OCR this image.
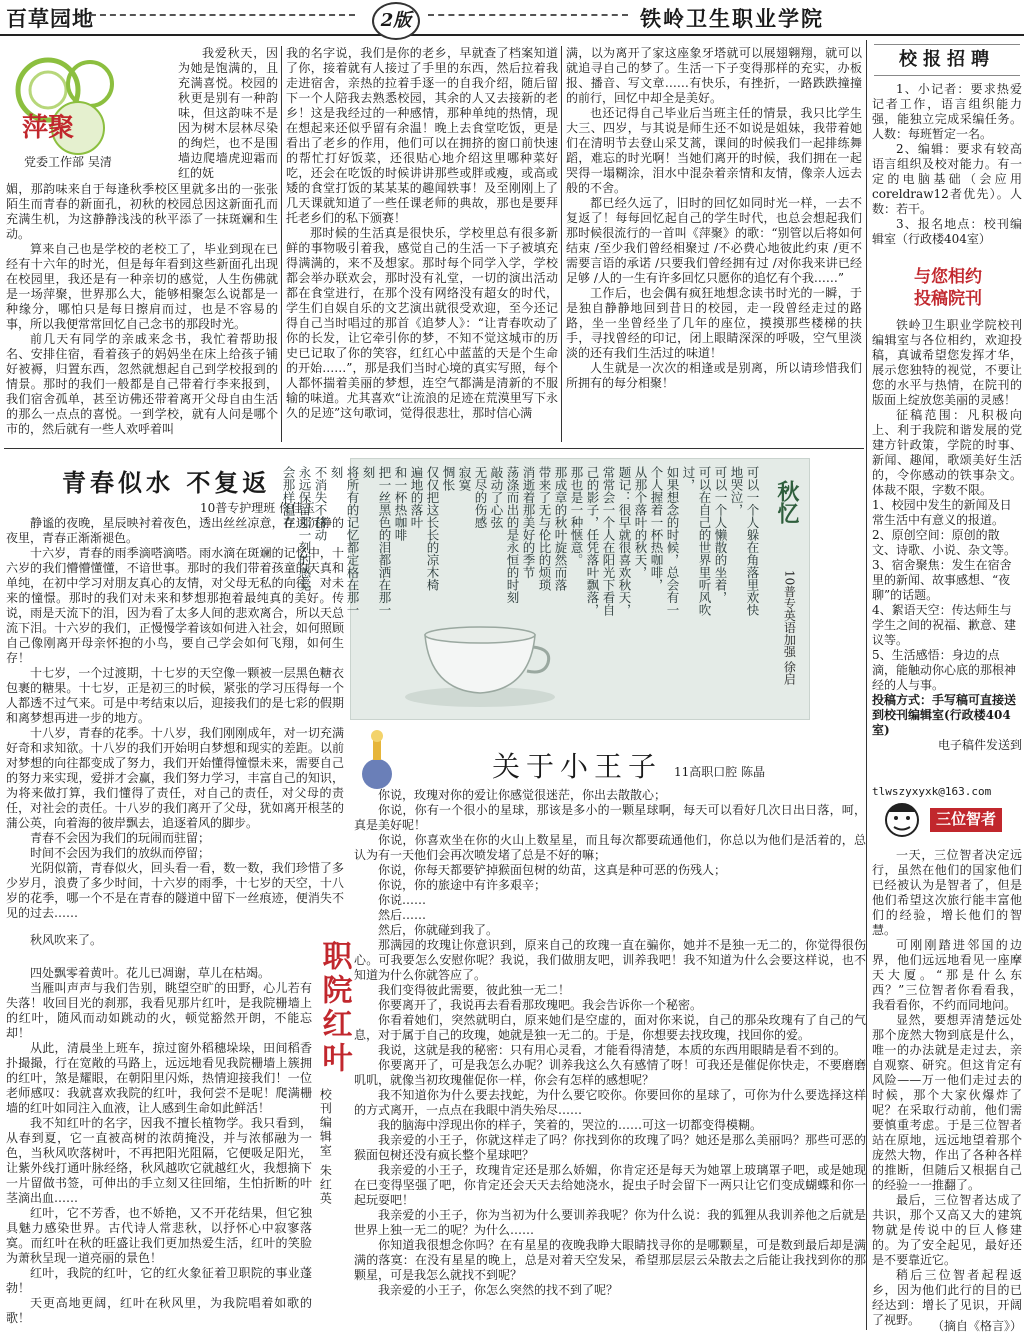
百草园地	2版	铁岭卫生职业学院
萍聚
党委工作部 吴清

我爱秋天，因为她是饱满的，且充满喜悦。校园的秋更是别有一种韵味，但这韵味不是因为树木层林尽染的绚烂，也不是围墙边爬墙虎迎霜而红的妩

媚，那韵味来自于每逢秋季校区里就多出的一张张陌生而青春的新面孔，初秋的校园总因这新面孔而充满生机，为这静静浅浅的秋平添了一抹斑斓和生动。

算来自己也是学校的老校工了，毕业到现在已经有十六年的时光，但是每年看到这些新面孔出现在校园里，我还是有一种亲切的感觉，人生伤佛就是一场萍聚，世界那么大，能够相聚怎么说都是一种缘分，哪怕只是每日擦肩而过，也是不容易的事，所以我便常常回忆自己念书的那段时光。

前几天有同学的亲戚来念书，我忙着帮助报名、安排住宿，看着孩子的妈妈坐在床上给孩子铺好被褥，归置东西，忽然就想起自己到学校报到的情景。那时的我们一般都是自己带着行李来报到，我们宿舍孤单，甚至访佛还带着离开父母自由生活的那么一点点的喜悦。一到学校，就有人问是哪个市的，然后就有一些人欢呼着叫

我的名字说，我们是你的老乡，早就查了档案知道了你，接着就有人接过了手里的东西，然后拉着我走进宿舍，亲热的拉着手逐一的自我介绍，随后留下一个人陪我去熟悉校园，其余的人又去接新的老乡！这是我经过的一种感情，那种单纯的热情，现在想起来还似乎留有余温！晚上去食堂吃饭，更是看出了老乡的作用，他们可以在拥挤的窗口前快速的帮忙打好饭菜，还很贴心地介绍这里哪种菜好吃，还会在吃饭的时候讲讲那些或胖或瘦，或高或矮的食堂打饭的某某某的趣闻轶事！及至刚刚上了几天课就知道了一些任课老师的典故，那也是要拜托老乡们的私下颁赛！

那时候的生活真是很快乐，学校里总有很多新鲜的事物吸引着我，感觉自己的生活一下子被填充得满满的，来不及想家。那时每个同学入学，学校都会举办联欢会，那时没有礼堂，一切的演出活动都在食堂进行，在那个没有网络没有超女的时代，学生们自娱自乐的文艺演出就很受欢迎，至今还记得自己当时唱过的那首《追梦人》：“让青春吹动了你的长发，让它牵引你的梦，不知不觉这城市的历史已记取了你的笑容，红红心中蓝蓝的天是个生命的开始……”，那是我们当时心境的真实写照，每个人都怀揣着美丽的梦想，连空气都满是清新的不服输的味道。尤其喜欢“让流浪的足迹在荒漠里写下永久的足迹”这句歌词，觉得很悲壮，那时信心满

满，以为离开了家这座象牙塔就可以展翅翱翔，就可以就追寻自己的梦了。生活一下子变得那样的充实，办板报、播音、写文章……有快乐，有挫折，一路跌跌撞撞的前行，回忆中却全是美好。

也还记得自己毕业后当班主任的情景，我只比学生大三、四岁，与其说是师生还不如说是姐妹，我带着她们在清明节去登山采艾蒿，课间的时候我们一起排练舞蹈，难忘的时光啊！当她们离开的时候，我们拥在一起哭得一塌糊涂，泪水中混杂着亲情和友情，像亲人远去般的不舍。

都已经久远了，旧时的回忆如同时光一样，一去不复返了！每每回忆起自己的学生时代，也总会想起我们那时候很流行的一首叫《萍聚》的歌：“别管以后将如何结束 /至少我们曾经相聚过 /不必费心地彼此约束 /更不需要言语的承诺 /只要我们曾经拥有过 /对你我来讲已经足够 /人的一生有许多回忆只愿你的追忆有个我……”

工作后，也会偶有疯狂地想念读书时光的一瞬，于是独自静静地回到昔日的校园，走一段曾经走过的路路，坐一坐曾经坐了几年的座位，摸摸那些楼梯的扶手，寻找曾经的印记，闭上眼睛深深的呼吸，空气里淡淡的还有我们生活过的味道！

人生就是一次次的相逢或是别离，所以请珍惜我们所拥有的每分相聚！

青春似水 不复返
10普专护理班 佟佳玉

静谧的夜晚，星辰映衬着夜色，透出丝丝凉意，在这沉静的夜里，青春正渐渐褪色。

十六岁，青春的雨季滴嗒滴嗒。雨水滴在斑斓的记忆中，十六岁的我们懵懵懂懂，不谙世事。那时的我们带着孩童的天真和单纯，在初中学习对朋友真心的友情，对父母无私的向往，对未来的憧憬。那时的我们对未来和梦想那抱着最纯真的美好。传说，雨是天流下的泪，因为看了太多人间的悲欢离合，所以天总流下泪。十六岁的我们，正慢慢学着该如何进入社会，如何照顾自己像刚离开母亲怀抱的小鸟，要自己学会如何飞翔，如何生存！

十七岁，一个过渡期，十七岁的天空像一颗被一层黑色糖衣包裹的糖果。十七岁，正是初三的时候，紧张的学习压得每一个人都透不过气来。可是中考结束以后，迎接我们的是七彩的假期和离梦想再进一步的地方。

十八岁，青春的花季。十八岁，我们刚刚成年，对一切充满好奇和求知欲。十八岁的我们开始明白梦想和现实的差距。以前对梦想的向往都变成了努力，我们开始懂得憧憬未来，需要自己的努力来实现，爱拼才会赢，我们努力学习，丰富自己的知识，为将来做打算，我们懂得了责任，对自己的责任，对父母的责任，对社会的责任。十八岁的我们离开了父母，犹如离开根茎的蒲公英，向着海的彼岸飘去，追逐着风的脚步。

青春不会因为我们的玩闹而驻留；

时间不会因为我们的放纵而停留；

光阴似箭，青春似火，回头看一看，数一数，我们珍惜了多少岁月，浪费了多少时间，十六岁的雨季，十七岁的天空，十八岁的花季，哪一个不是在青春的隧道中留下一丝痕迹，便消失不见的过去……

秋忆
10普专英语加强 徐启
可以一个人躲在角落里欢快地哭泣，
可以一个人懒散的坐着，
可以在自己的世界里听风吹过，
如果想念的时候，总会有一个人握着一杯热咖啡，
从那个落叶的秋天，
题记：很早就很喜欢秋天，常常会一个人在阳光下看自己的影子，任凭落叶飘落，那也是一种惬意。
那成章的秋叶旋然而落
带来了无与伦比的烦琐
消逝着那美好的季节
荡涤而出的是永恒的时刻
敲动了心弦
无尽的伤感
寂寞
惆怅
仅仅把这长长的凉木椅
遍地的落叶
和一杯热咖啡
把一丝黑色的泪都洒在那一刻
将所有的记忆都定格在那一刻
不消失不移动
永远保留那一刻的感觉
会那样温存
关于小王子 11高职口腔 陈晶

你说，玫瑰对你的爱让你感觉很迷茫，你出去散散心；

你说，你有一个很小的星球，那该是多小的一颗星球啊，每天可以看好几次日出日落，呵，真是美好呢！

你说，你喜欢坐在你的火山上数星星，而且每次都要疏通他们，你总以为他们是活着的，总认为有一天他们会再次喷发堵了总是不好的嘛；

你说，你每天都要铲掉猴面包树的幼苗，这真是种可恶的伤残人；

你说，你的旅途中有许多艰辛；

你说……

然后……

然后，你就碰到我了。

那满园的玫瑰让你意识到，原来自己的玫瑰一直在骗你，她并不是独一无二的，你觉得很伤心。可我要怎么安慰你呢？我说，我们做朋友吧，训养我吧！我不知道为什么会要这样说，也不知道为什么你就答应了。

我们变得彼此需要，彼此独一无二！

你要离开了，我说再去看看那玫瑰吧。我会告诉你一个秘密。

你看着她们，突然就明白，原来她们是空虚的，面对你来说，自己的那朵玫瑰有了自己的气息，对于属于自己的玫瑰，她就是独一无二的。于是，你想要去找玫瑰，找回你的爱。

我说，这就是我的秘密：只有用心灵看，才能看得清楚，本质的东西用眼睛是看不到的。

你要离开了，可是我怎么办呢？训养我这么久有感情了呀！可我还是催促你快走，不要磨磨叽叽，就像当初玫瑰催促你一样，你会有怎样的感想呢？

我不知道你为什么要去找蛇，为什么要它咬你。你要回你的星球了，可你为什么要选择这样的方式离开，一点点在我眼中消失殆尽……

我的脑海中浮现出你的样子，笑着的，哭泣的……可这一切都变得模糊。

我亲爱的小王子，你就这样走了吗？你找到你的玫瑰了吗？她还是那么美丽吗？那些可恶的猴面包树还没有疯长整个星球吧？

我亲爱的小王子，玫瑰肯定还是那么娇媚，你肯定还是每天为她罩上玻璃罩子吧，或是她现在已变得坚强了吧，你肯定还会天天去给她浇水，捉虫子时会留下一两只让它们变成蝴蝶和你一起玩耍吧！

我亲爱的小王子，你为当初为什么要训养我呢？你为什么说：我的狐狸从我训养他之后就是世界上独一无二的呢？为什么……

你知道我很想念你吗？在有星星的夜晚我睁大眼睛找寻你的是哪颗星，可是数到最后却是满满的落寞：在没有星星的晚上，总是对着天空发呆，希望那层层云朵散去之后能让我找到你的那颗星，可是我怎么就找不到呢？

我亲爱的小王子，你怎么突然的找不到了呢？

秋风吹来了。

四处飘零着黄叶。花儿已凋谢，草儿在枯竭。

当雁叫声声与我们告别，眺望空旷的田野，心儿若有失落！收回目光的刹那，我看见那片红叶，是我院栅墙上的红叶，随风而动如跳动的火，顿觉豁然开朗，不能忘却！

从此，清晨坐上班车，掠过窗外稻穗垛垛，田间稻香扑撮撮，行在宽敞的马路上，远远地看见我院栅墙上簇拥的红叶，煞是耀眼，在朝阳里闪烁，热情迎接我们！一位老师感叹：我就喜欢我院的红叶，我何尝不是呢！爬满栅墙的红叶如同注入血液，让人感到生命如此鲜活！

我不知红叶的名字，因我不擅长植物学。我只看到，从春到夏，它一直被高树的浓荫掩没，并与浓郁融为一色，当秋风吹落树叶，不再把阳光阻隔，它便吸足阳光，让紫外线打通叶脉经络，秋风越吹它就越红火，我想摘下一片留做书签，可伸出的手立刻又往回缩，生怕折断的叶茎滴出血……

红叶，它不芳香，也不娇艳，又不开花结果，但它独具魅力感染世界。古代诗人常悲秋，以抒怀心中寂寥落寞。而红叶在秋的旺盛让我们更加热爱生活，红叶的笑脸为萧秋呈现一道亮丽的景色！

红叶，我院的红叶，它的红火象征着卫职院的事业蓬勃！

天更高地更阔，红叶在秋风里，为我院唱着如歌的歌！

职院红叶
校刊编辑室 朱红英
校报招聘

1、小记者：要求热爱记者工作，语言组织能力强，能独立完成采编任务。人数：每班暂定一名。

2、编辑：要求有较高语言组织及校对能力。有一定的电脑基础（会应用coreldraw12者优先）。人数：若干。

3、报名地点：校刊编辑室（行政楼404室）

与您相约
投稿院刊

铁岭卫生职业学院校刊编辑室与各位相约，欢迎投稿，真诚希望您发挥才华，展示您独特的视觉，不要让您的水平与热情，在院刊的版面上绽放您美丽的灵感！

征稿范围：凡积极向上、利于我院和谐发展的党建方针政策，学院的时事、新闻、趣闻，歌颂美好生活的，令你感动的铁事杂文。体裁不限，字数不限。

1、校园中发生的新闻及日常生活中有意义的报道。

2、原创空间：原创的散文、诗歌、小说、杂文等。

3、宿舍聚焦：发生在宿舍里的新闻、故事感想、“夜聊”的话题。

4、絮语天空：传达师生与学生之间的祝福、歉意、建议等。

5、生活感悟：身边的点滴，能触动你心底的那根神经的人与事。

投稿方式：手写稿可直接送到校刊编辑室(行政楼404室)

电子稿件发送到

tlwszyxyxk@163.com
三位智者

一天，三位智者决定远行，虽然在他们的国家他们已经被认为是智者了，但是他们希望这次旅行能丰富他们的经验，增长他们的智慧。

可刚刚踏进邻国的边界，他们远远地看见一座摩天大厦。“那是什么东西？”三位智者你看看我，我看看你，不约而同地问。

显然，要想弄清楚远处那个庞然大物到底是什么，唯一的办法就是走过去，亲自观察、研究。但这肯定有风险——万一他们走过去的时候，那个大家伙爆炸了呢？在采取行动前，他们需要慎重考虑。于是三位智者站在原地，远远地望着那个庞然大物，作出了各种各样的推断，但随后又根据自己的经验一一推翻了。

最后，三位智者达成了共识，那个又高又大的建筑物就是传说中的巨人修建的。为了安全起见，最好还是不要靠近它。

稍后三位智者起程返乡，因为他们此行的目的已经达到：增长了见识，开阔了视野。 （摘自《格言》）
